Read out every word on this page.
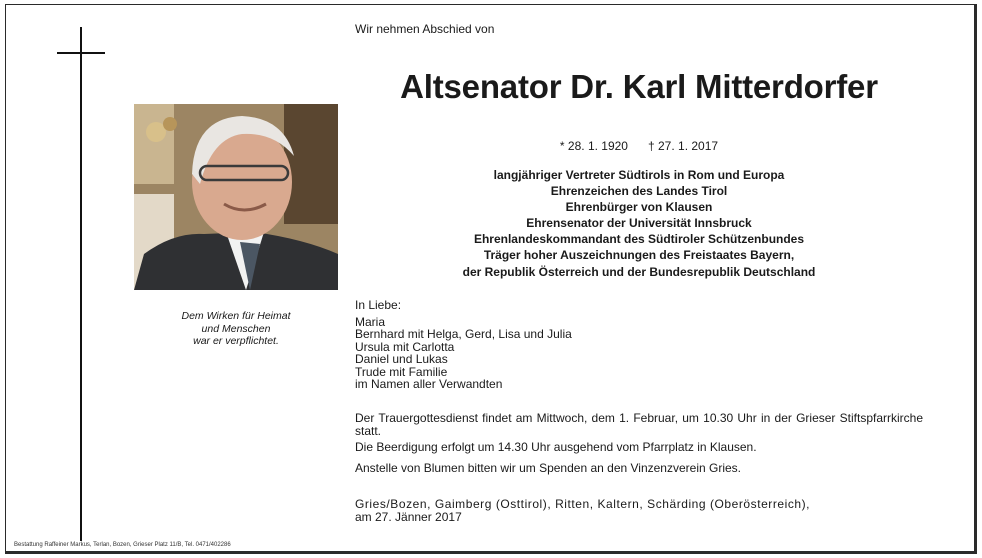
Dem Wirken für Heimat
und Menschen
war er verpflichtet.
Wir nehmen Abschied von
Altsenator Dr. Karl Mitterdorfer
* 28. 1. 1920 † 27. 1. 2017
langjähriger Vertreter Südtirols in Rom und Europa
Ehrenzeichen des Landes Tirol
Ehrenbürger von Klausen
Ehrensenator der Universität Innsbruck
Ehrenlandeskommandant des Südtiroler Schützenbundes
Träger hoher Auszeichnungen des Freistaates Bayern,
der Republik Österreich und der Bundesrepublik Deutschland
In Liebe:
Maria
Bernhard mit Helga, Gerd, Lisa und Julia
Ursula mit Carlotta
Daniel und Lukas
Trude mit Familie
im Namen aller Verwandten

Der Trauergottesdienst findet am Mittwoch, dem 1. Februar, um 10.30 Uhr in der Grieser Stiftspfarrkirche statt.

Die Beerdigung erfolgt um 14.30 Uhr ausgehend vom Pfarrplatz in Klausen.

Anstelle von Blumen bitten wir um Spenden an den Vinzenzverein Gries.

Gries/Bozen, Gaimberg (Osttirol), Ritten, Kaltern, Schärding (Oberösterreich),
am 27. Jänner 2017
Bestattung Raffeiner Markus, Terlan, Bozen, Grieser Platz 11/B, Tel. 0471/402286
